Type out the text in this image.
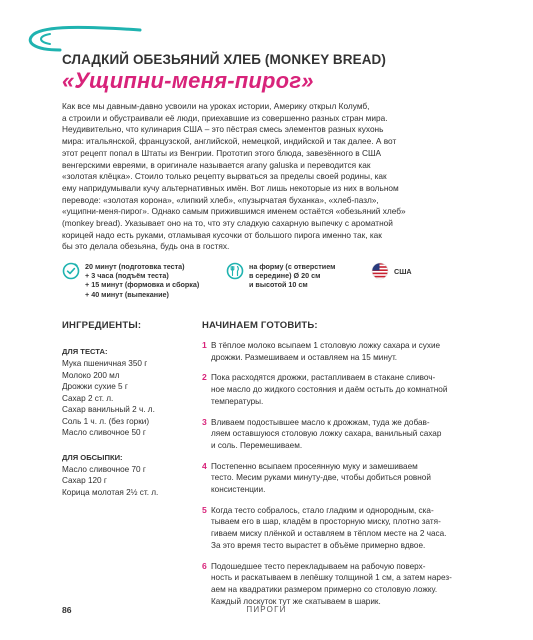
СЛАДКИЙ ОБЕЗЬЯНИЙ ХЛЕБ (MONKEY BREAD)
«Ущипни-меня-пирог»
Как все мы давным-давно усвоили на уроках истории, Америку открыл Колумб,
а строили и обустраивали её люди, приехавшие из совершенно разных стран мира.
Неудивительно, что кулинария США – это пёстрая смесь элементов разных кухонь
мира: итальянской, французской, английской, немецкой, индийской и так далее. А вот
этот рецепт попал в Штаты из Венгрии. Прототип этого блюда, завезённого в США
венгерскими евреями, в оригинале называется aranу galuska и переводится как
«золотая клёцка». Стоило только рецепту вырваться за пределы своей родины, как
ему напридумывали кучу альтернативных имён. Вот лишь некоторые из них в вольном
переводе: «золотая корона», «липкий хлеб», «пузырчатая буханка», «хлеб-пазл»,
«ущипни-меня-пирог». Однако самым прижившимся именем остаётся «обезьяний хлеб»
(monkey bread). Указывает оно на то, что эту сладкую сахарную выпечку с ароматной
корицей надо есть руками, отламывая кусочки от большого пирога именно так, как
бы это делала обезьяна, будь она в гостях.
20 минут (подготовка теста)
+ 3 часа (подъём теста)
+ 15 минут (формовка и сборка)
+ 40 минут (выпекание)
на форму (с отверстием
в середине) Ø 20 см
и высотой 10 см
США
ИНГРЕДИЕНТЫ:
ДЛЯ ТЕСТА:
Мука пшеничная 350 г
Молоко 200 мл
Дрожжи сухие 5 г
Сахар 2 ст. л.
Сахар ванильный 2 ч. л.
Соль 1 ч. л. (без горки)
Масло сливочное 50 г
ДЛЯ ОБСЫПКИ:
Масло сливочное 70 г
Сахар 120 г
Корица молотая 2½ ст. л.
НАЧИНАЕМ ГОТОВИТЬ:
1 В тёплое молоко всыпаем 1 столовую ложку сахара и сухие
дрожжи. Размешиваем и оставляем на 15 минут.
2 Пока расходятся дрожжи, растапливаем в стакане сливоч-
ное масло до жидкого состояния и даём остыть до комнатной
температуры.
3 Вливаем подостывшее масло к дрожжам, туда же добав-
ляем оставшуюся столовую ложку сахара, ванильный сахар
и соль. Перемешиваем.
4 Постепенно всыпаем просеянную муку и замешиваем
тесто. Месим руками минуту-две, чтобы добиться ровной
консистенции.
5 Когда тесто собралось, стало гладким и однородным, ска-
тываем его в шар, кладём в просторную миску, плотно затя-
гиваем миску плёнкой и оставляем в тёплом месте на 2 часа.
За это время тесто вырастет в объёме примерно вдвое.
6 Подошедшее тесто перекладываем на рабочую поверх-
ность и раскатываем в лепёшку толщиной 1 см, а затем нарез-
аем на квадратики размером примерно со столовую ложку.
Каждый лоскуток тут же скатываем в шарик.
86	ПИРОГИ
